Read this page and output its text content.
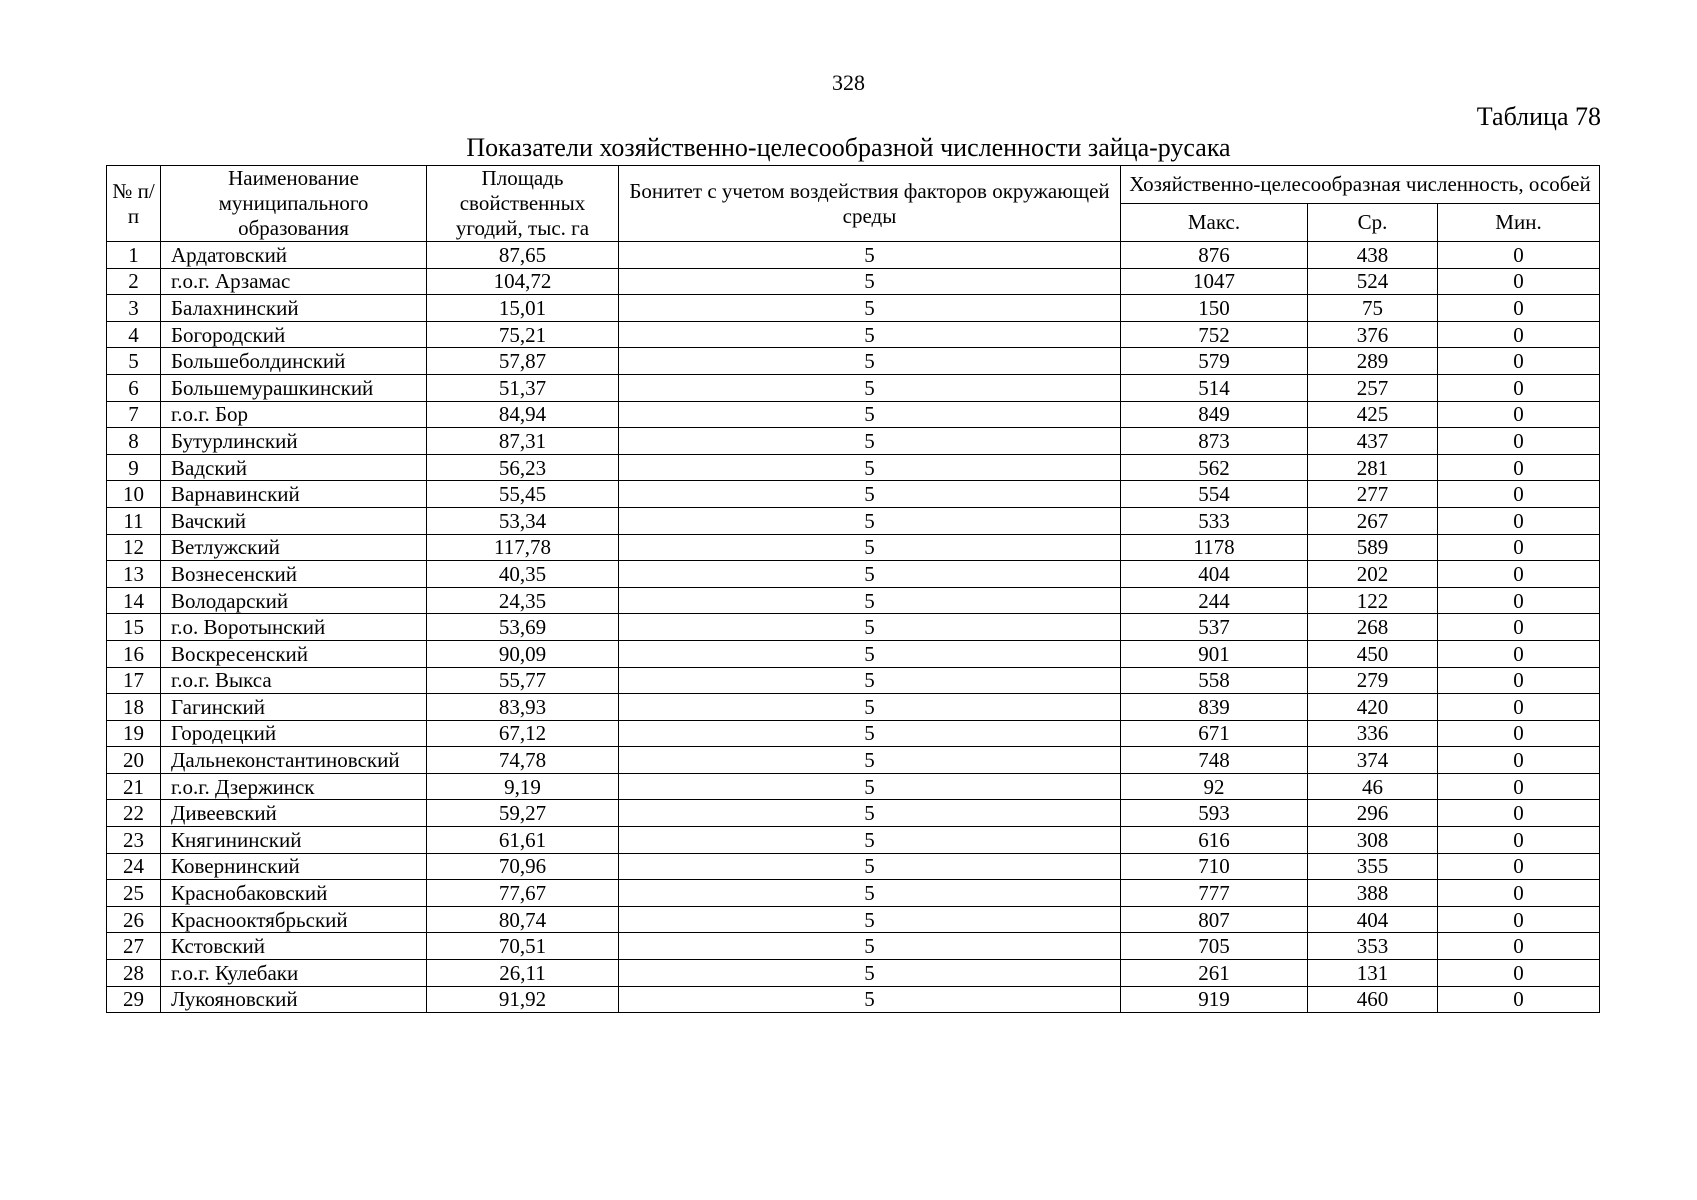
328
Таблица 78
Показатели хозяйственно-целесообразной численности зайца-русака
№ п/п	Наименование муниципального образования	Площадь свойственных угодий, тыс. га	Бонитет с учетом воздействия факторов окружающей среды	Хозяйственно-целесообразная численность, особей		

				Макс.	Ср.	Мин.
1	Ардатовский	87,65	5	876	438	0
2	г.о.г. Арзамас	104,72	5	1047	524	0
3	Балахнинский	15,01	5	150	75	0
4	Богородский	75,21	5	752	376	0
5	Большеболдинский	57,87	5	579	289	0
6	Большемурашкинский	51,37	5	514	257	0
7	г.о.г. Бор	84,94	5	849	425	0
8	Бутурлинский	87,31	5	873	437	0
9	Вадский	56,23	5	562	281	0
10	Варнавинский	55,45	5	554	277	0
11	Вачский	53,34	5	533	267	0
12	Ветлужский	117,78	5	1178	589	0
13	Вознесенский	40,35	5	404	202	0
14	Володарский	24,35	5	244	122	0
15	г.о. Воротынский	53,69	5	537	268	0
16	Воскресенский	90,09	5	901	450	0
17	г.о.г. Выкса	55,77	5	558	279	0
18	Гагинский	83,93	5	839	420	0
19	Городецкий	67,12	5	671	336	0
20	Дальнеконстантиновский	74,78	5	748	374	0
21	г.о.г. Дзержинск	9,19	5	92	46	0
22	Дивеевский	59,27	5	593	296	0
23	Княгининский	61,61	5	616	308	0
24	Ковернинский	70,96	5	710	355	0
25	Краснобаковский	77,67	5	777	388	0
26	Краснооктябрьский	80,74	5	807	404	0
27	Кстовский	70,51	5	705	353	0
28	г.о.г. Кулебаки	26,11	5	261	131	0
29	Лукояновский	91,92	5	919	460	0
